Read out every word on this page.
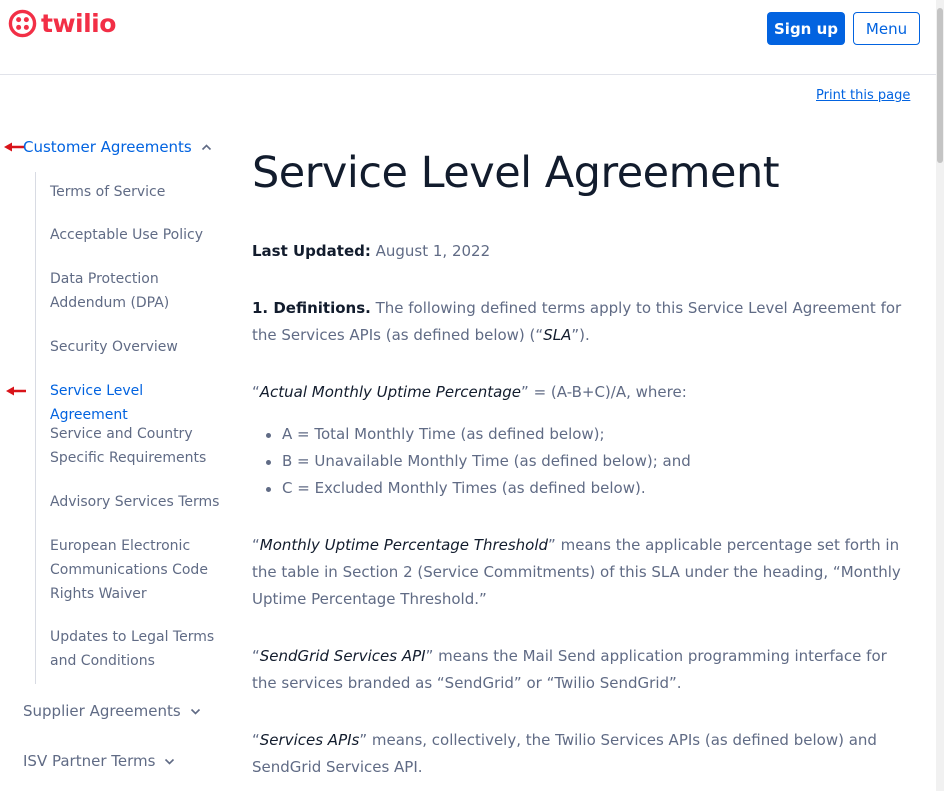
twilio	Sign up	Menu
Print this page
Customer Agreements
Terms of Service
Acceptable Use Policy
Data Protection Addendum (DPA)
Security Overview
Service Level Agreement
Service and Country Specific Requirements
Advisory Services Terms
European Electronic Communications Code Rights Waiver
Updates to Legal Terms and Conditions
Supplier Agreements
ISV Partner Terms
Service Level Agreement

Last Updated: August 1, 2022

1. Definitions. The following defined terms apply to this Service Level Agreement for the Services APIs (as defined below) (“SLA”).

“Actual Monthly Uptime Percentage” = (A-B+C)/A, where:

A = Total Monthly Time (as defined below);
B = Unavailable Monthly Time (as defined below); and
C = Excluded Monthly Times (as defined below).

“Monthly Uptime Percentage Threshold” means the applicable percentage set forth in the table in Section 2 (Service Commitments) of this SLA under the heading, “Monthly Uptime Percentage Threshold.”

“SendGrid Services API” means the Mail Send application programming interface for the services branded as “SendGrid” or “Twilio SendGrid”.

“Services APIs” means, collectively, the Twilio Services APIs (as defined below) and SendGrid Services API.
